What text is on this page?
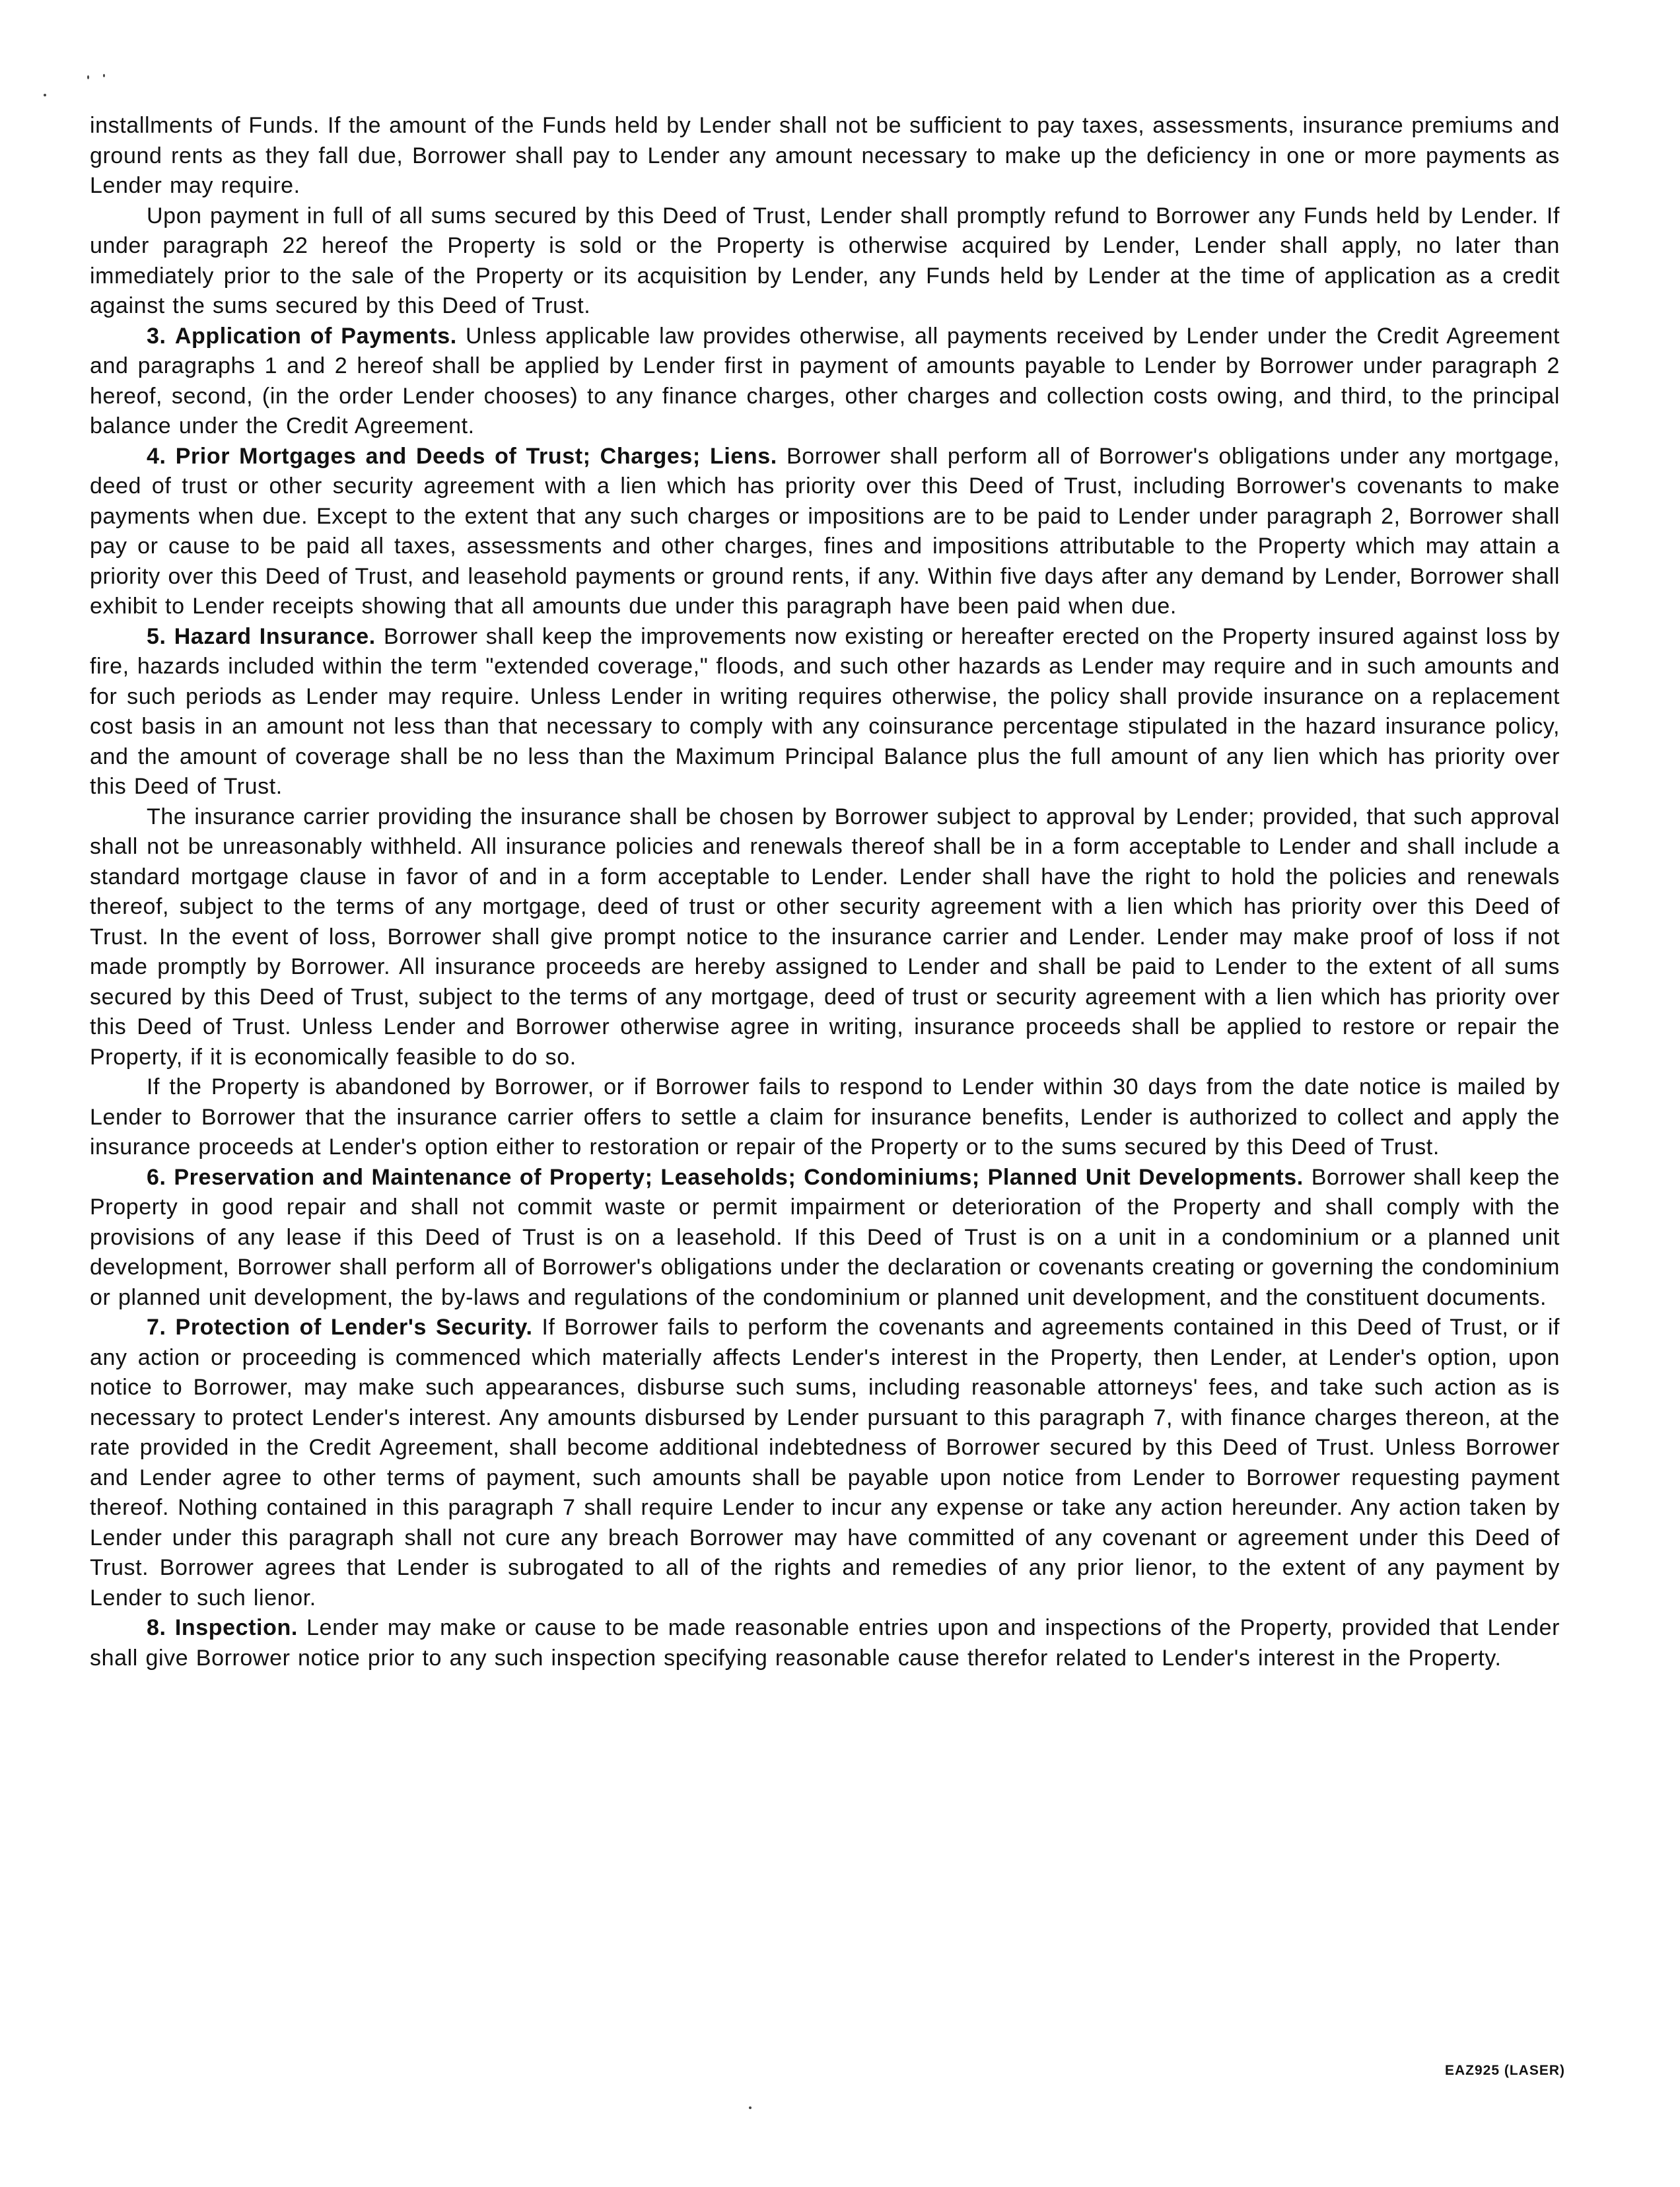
installments of Funds. If the amount of the Funds held by Lender shall not be sufficient to pay taxes, assessments, insurance premiums and ground rents as they fall due, Borrower shall pay to Lender any amount necessary to make up the deficiency in one or more payments as Lender may require.

Upon payment in full of all sums secured by this Deed of Trust, Lender shall promptly refund to Borrower any Funds held by Lender. If under paragraph 22 hereof the Property is sold or the Property is otherwise acquired by Lender, Lender shall apply, no later than immediately prior to the sale of the Property or its acquisition by Lender, any Funds held by Lender at the time of application as a credit against the sums secured by this Deed of Trust.

3. Application of Payments. Unless applicable law provides otherwise, all payments received by Lender under the Credit Agreement and paragraphs 1 and 2 hereof shall be applied by Lender first in payment of amounts payable to Lender by Borrower under paragraph 2 hereof, second, (in the order Lender chooses) to any finance charges, other charges and collection costs owing, and third, to the principal balance under the Credit Agreement.

4. Prior Mortgages and Deeds of Trust; Charges; Liens. Borrower shall perform all of Borrower's obligations under any mortgage, deed of trust or other security agreement with a lien which has priority over this Deed of Trust, including Borrower's covenants to make payments when due. Except to the extent that any such charges or impositions are to be paid to Lender under paragraph 2, Borrower shall pay or cause to be paid all taxes, assessments and other charges, fines and impositions attributable to the Property which may attain a priority over this Deed of Trust, and leasehold payments or ground rents, if any. Within five days after any demand by Lender, Borrower shall exhibit to Lender receipts showing that all amounts due under this paragraph have been paid when due.

5. Hazard Insurance. Borrower shall keep the improvements now existing or hereafter erected on the Property insured against loss by fire, hazards included within the term "extended coverage," floods, and such other hazards as Lender may require and in such amounts and for such periods as Lender may require. Unless Lender in writing requires otherwise, the policy shall provide insurance on a replacement cost basis in an amount not less than that necessary to comply with any coinsurance percentage stipulated in the hazard insurance policy, and the amount of coverage shall be no less than the Maximum Principal Balance plus the full amount of any lien which has priority over this Deed of Trust.

The insurance carrier providing the insurance shall be chosen by Borrower subject to approval by Lender; provided, that such approval shall not be unreasonably withheld. All insurance policies and renewals thereof shall be in a form acceptable to Lender and shall include a standard mortgage clause in favor of and in a form acceptable to Lender. Lender shall have the right to hold the policies and renewals thereof, subject to the terms of any mortgage, deed of trust or other security agreement with a lien which has priority over this Deed of Trust. In the event of loss, Borrower shall give prompt notice to the insurance carrier and Lender. Lender may make proof of loss if not made promptly by Borrower. All insurance proceeds are hereby assigned to Lender and shall be paid to Lender to the extent of all sums secured by this Deed of Trust, subject to the terms of any mortgage, deed of trust or security agreement with a lien which has priority over this Deed of Trust. Unless Lender and Borrower otherwise agree in writing, insurance proceeds shall be applied to restore or repair the Property, if it is economically feasible to do so.

If the Property is abandoned by Borrower, or if Borrower fails to respond to Lender within 30 days from the date notice is mailed by Lender to Borrower that the insurance carrier offers to settle a claim for insurance benefits, Lender is authorized to collect and apply the insurance proceeds at Lender's option either to restoration or repair of the Property or to the sums secured by this Deed of Trust.

6. Preservation and Maintenance of Property; Leaseholds; Condominiums; Planned Unit Developments. Borrower shall keep the Property in good repair and shall not commit waste or permit impairment or deterioration of the Property and shall comply with the provisions of any lease if this Deed of Trust is on a leasehold. If this Deed of Trust is on a unit in a condominium or a planned unit development, Borrower shall perform all of Borrower's obligations under the declaration or covenants creating or governing the condominium or planned unit development, the by-laws and regulations of the condominium or planned unit development, and the constituent documents.

7. Protection of Lender's Security. If Borrower fails to perform the covenants and agreements contained in this Deed of Trust, or if any action or proceeding is commenced which materially affects Lender's interest in the Property, then Lender, at Lender's option, upon notice to Borrower, may make such appearances, disburse such sums, including reasonable attorneys' fees, and take such action as is necessary to protect Lender's interest. Any amounts disbursed by Lender pursuant to this paragraph 7, with finance charges thereon, at the rate provided in the Credit Agreement, shall become additional indebtedness of Borrower secured by this Deed of Trust. Unless Borrower and Lender agree to other terms of payment, such amounts shall be payable upon notice from Lender to Borrower requesting payment thereof. Nothing contained in this paragraph 7 shall require Lender to incur any expense or take any action hereunder. Any action taken by Lender under this paragraph shall not cure any breach Borrower may have committed of any covenant or agreement under this Deed of Trust. Borrower agrees that Lender is subrogated to all of the rights and remedies of any prior lienor, to the extent of any payment by Lender to such lienor.

8. Inspection. Lender may make or cause to be made reasonable entries upon and inspections of the Property, provided that Lender shall give Borrower notice prior to any such inspection specifying reasonable cause therefor related to Lender's interest in the Property.

EAZ925 (LASER)
